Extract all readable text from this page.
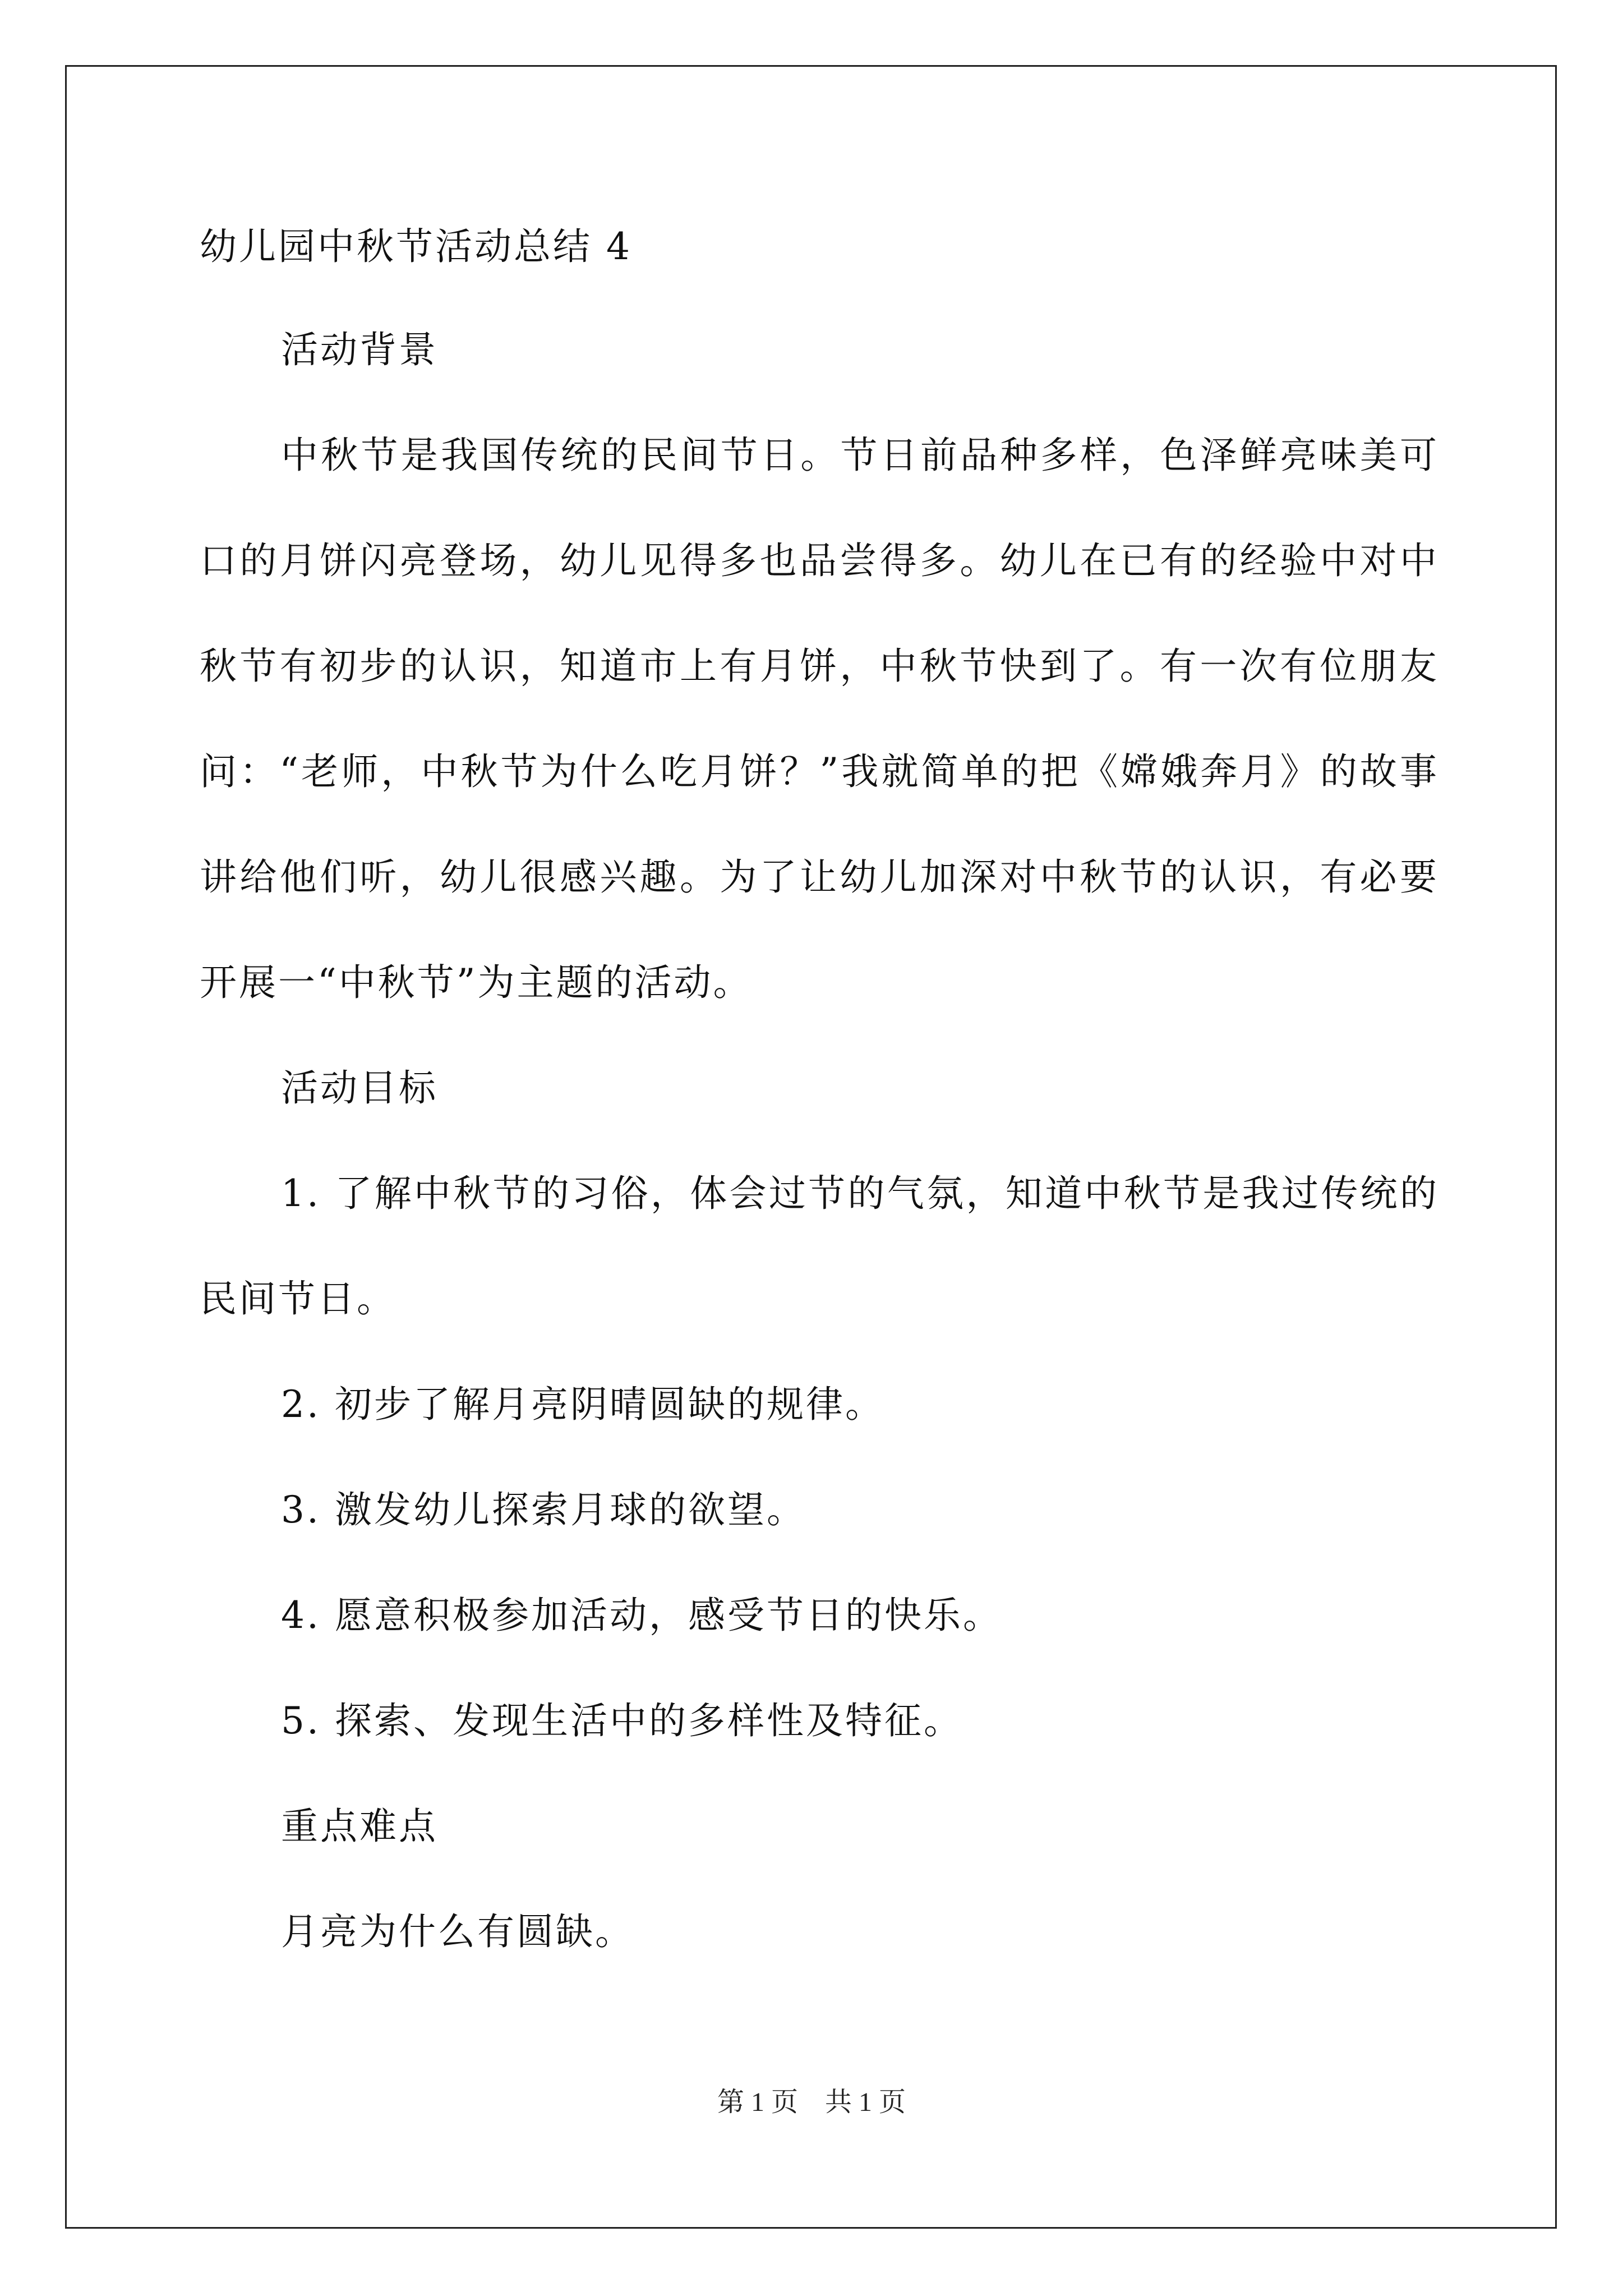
幼儿园中秋节活动总结 4

活动背景

中秋节是我国传统的民间节日。节日前品种多样，色泽鲜亮味美可口的月饼闪亮登场，幼儿见得多也品尝得多。幼儿在已有的经验中对中秋节有初步的认识，知道市上有月饼，中秋节快到了。有一次有位朋友问：“老师，中秋节为什么吃月饼？”我就简单的把《嫦娥奔月》的故事讲给他们听，幼儿很感兴趣。为了让幼儿加深对中秋节的认识，有必要开展一“中秋节”为主题的活动。

活动目标

1. 了解中秋节的习俗，体会过节的气氛，知道中秋节是我过传统的民间节日。

2. 初步了解月亮阴晴圆缺的规律。

3. 激发幼儿探索月球的欲望。

4. 愿意积极参加活动，感受节日的快乐。

5. 探索、发现生活中的多样性及特征。

重点难点

月亮为什么有圆缺。

第 1 页 共 1 页
